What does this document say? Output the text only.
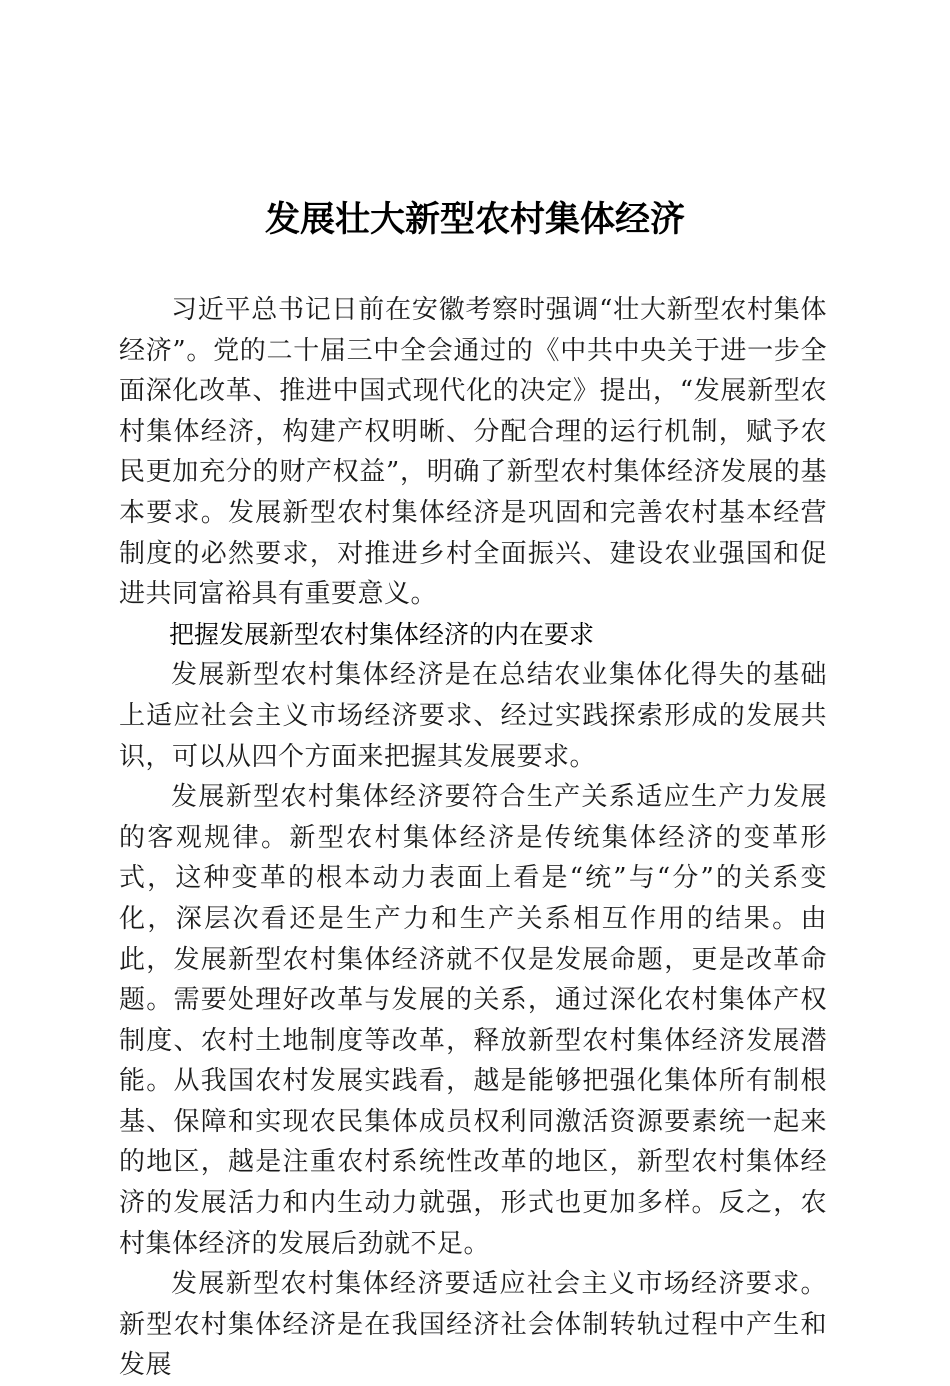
发展壮大新型农村集体经济

习近平总书记日前在安徽考察时强调“壮大新型农村集体经济”。党的二十届三中全会通过的《中共中央关于进一步全面深化改革、推进中国式现代化的决定》提出，“发展新型农村集体经济，构建产权明晰、分配合理的运行机制，赋予农民更加充分的财产权益”，明确了新型农村集体经济发展的基本要求。发展新型农村集体经济是巩固和完善农村基本经营制度的必然要求，对推进乡村全面振兴、建设农业强国和促进共同富裕具有重要意义。

把握发展新型农村集体经济的内在要求

发展新型农村集体经济是在总结农业集体化得失的基础上适应社会主义市场经济要求、经过实践探索形成的发展共识，可以从四个方面来把握其发展要求。

发展新型农村集体经济要符合生产关系适应生产力发展的客观规律。新型农村集体经济是传统集体经济的变革形式，这种变革的根本动力表面上看是“统”与“分”的关系变化，深层次看还是生产力和生产关系相互作用的结果。由此，发展新型农村集体经济就不仅是发展命题，更是改革命题。需要处理好改革与发展的关系，通过深化农村集体产权制度、农村土地制度等改革，释放新型农村集体经济发展潜能。从我国农村发展实践看，越是能够把强化集体所有制根基、保障和实现农民集体成员权利同激活资源要素统一起来的地区，越是注重农村系统性改革的地区，新型农村集体经济的发展活力和内生动力就强，形式也更加多样。反之，农村集体经济的发展后劲就不足。

发展新型农村集体经济要适应社会主义市场经济要求。新型农村集体经济是在我国经济社会体制转轨过程中产生和发展
